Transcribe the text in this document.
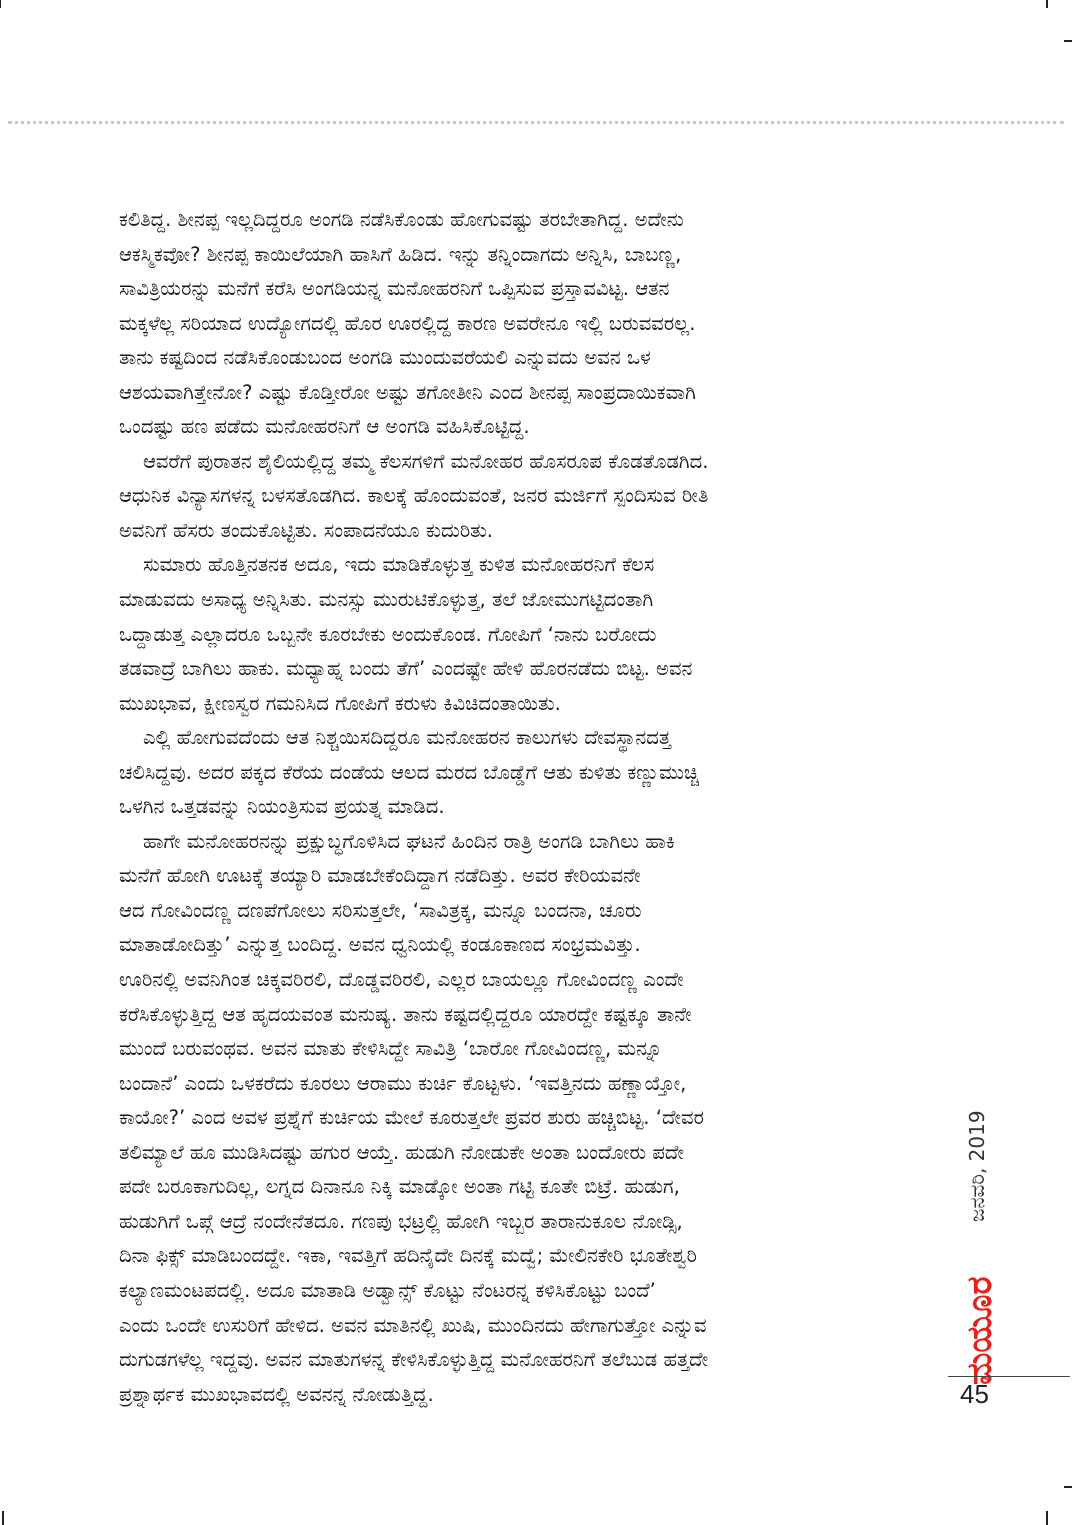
ಕಲಿತಿದ್ದ. ಶೀನಪ್ಪ ಇಲ್ಲದಿದ್ದರೂ ಅಂಗಡಿ ನಡೆಸಿಕೊಂಡು ಹೋಗುವಷ್ಟು ತರಬೇತಾಗಿದ್ದ. ಅದೇನು
ಆಕಸ್ಮಿಕವೋ? ಶೀನಪ್ಪ ಕಾಯಿಲೆಯಾಗಿ ಹಾಸಿಗೆ ಹಿಡಿದ. ಇನ್ನು ತನ್ನಿಂದಾಗದು ಅನ್ನಿಸಿ, ಬಾಬಣ್ಣ,
ಸಾವಿತ್ರಿಯರನ್ನು ಮನೆಗೆ ಕರೆಸಿ ಅಂಗಡಿಯನ್ನ ಮನೋಹರನಿಗೆ ಒಪ್ಪಿಸುವ ಪ್ರಸ್ತಾವವಿಟ್ಟ. ಆತನ
ಮಕ್ಕಳೆಲ್ಲ ಸರಿಯಾದ ಉದ್ಯೋಗದಲ್ಲಿ ಹೊರ ಊರಲ್ಲಿದ್ದ ಕಾರಣ ಅವರೇನೂ ಇಲ್ಲಿ ಬರುವವರಲ್ಲ.
ತಾನು ಕಷ್ಟದಿಂದ ನಡೆಸಿಕೊಂಡುಬಂದ ಅಂಗಡಿ ಮುಂದುವರೆಯಲಿ ಎನ್ನುವದು ಅವನ ಒಳ
ಆಶಯವಾಗಿತ್ತೇನೋ? ಎಷ್ಟು ಕೊಡ್ತೀರೋ ಅಷ್ಟು ತಗೋತೀನಿ ಎಂದ ಶೀನಪ್ಪ ಸಾಂಪ್ರದಾಯಿಕವಾಗಿ
ಒಂದಷ್ಟು ಹಣ ಪಡೆದು ಮನೋಹರನಿಗೆ ಆ ಅಂಗಡಿ ವಹಿಸಿಕೊಟ್ಟಿದ್ದ.
ಆವರೆಗೆ ಪುರಾತನ ಶೈಲಿಯಲ್ಲಿದ್ದ ತಮ್ಮ ಕೆಲಸಗಳಿಗೆ ಮನೋಹರ ಹೊಸರೂಪ ಕೊಡತೊಡಗಿದ.
ಆಧುನಿಕ ವಿನ್ಯಾಸಗಳನ್ನ ಬಳಸತೊಡಗಿದ. ಕಾಲಕ್ಕೆ ಹೊಂದುವಂತೆ, ಜನರ ಮರ್ಜಿಗೆ ಸ್ಪಂದಿಸುವ ರೀತಿ
ಅವನಿಗೆ ಹೆಸರು ತಂದುಕೊಟ್ಟಿತು. ಸಂಪಾದನೆಯೂ ಕುದುರಿತು.
ಸುಮಾರು ಹೊತ್ತಿನತನಕ ಅದೂ, ಇದು ಮಾಡಿಕೊಳ್ಳುತ್ತ ಕುಳಿತ ಮನೋಹರನಿಗೆ ಕೆಲಸ
ಮಾಡುವದು ಅಸಾಧ್ಯ ಅನ್ನಿಸಿತು. ಮನಸ್ಸು ಮುರುಟಿಕೊಳ್ಳುತ್ತ, ತಲೆ ಜೋಮುಗಟ್ಟಿದಂತಾಗಿ
ಒದ್ದಾಡುತ್ತ ಎಲ್ಲಾದರೂ ಒಬ್ಬನೇ ಕೂರಬೇಕು ಅಂದುಕೊಂಡ. ಗೋಪಿಗೆ ‘ನಾನು ಬರೋದು
ತಡವಾದ್ರೆ ಬಾಗಿಲು ಹಾಕು. ಮಧ್ಯಾಹ್ನ ಬಂದು ತೆಗೆ’ ಎಂದಷ್ಟೇ ಹೇಳಿ ಹೊರನಡೆದು ಬಿಟ್ಟ. ಅವನ
ಮುಖಭಾವ, ಕ್ಷೀಣಸ್ವರ ಗಮನಿಸಿದ ಗೋಪಿಗೆ ಕರುಳು ಕಿವಿಚಿದಂತಾಯಿತು.
ಎಲ್ಲಿ ಹೋಗುವದೆಂದು ಆತ ನಿಶ್ಚಯಿಸದಿದ್ದರೂ ಮನೋಹರನ ಕಾಲುಗಳು ದೇವಸ್ಥಾನದತ್ತ
ಚಲಿಸಿದ್ದವು. ಅದರ ಪಕ್ಕದ ಕೆರೆಯ ದಂಡೆಯ ಆಲದ ಮರದ ಬೊಡ್ಡೆಗೆ ಆತು ಕುಳಿತು ಕಣ್ಣುಮುಚ್ಚಿ
ಒಳಗಿನ ಒತ್ತಡವನ್ನು ನಿಯಂತ್ರಿಸುವ ಪ್ರಯತ್ನ ಮಾಡಿದ.
ಹಾಗೇ ಮನೋಹರನನ್ನು ಪ್ರಕ್ಷುಬ್ಧಗೊಳಿಸಿದ ಘಟನೆ ಹಿಂದಿನ ರಾತ್ರಿ ಅಂಗಡಿ ಬಾಗಿಲು ಹಾಕಿ
ಮನೆಗೆ ಹೋಗಿ ಊಟಕ್ಕೆ ತಯ್ಯಾರಿ ಮಾಡಬೇಕೆಂದಿದ್ದಾಗ ನಡೆದಿತ್ತು. ಅವರ ಕೇರಿಯವನೇ
ಆದ ಗೋವಿಂದಣ್ಣ ದಣಪೆಗೋಲು ಸರಿಸುತ್ತಲೇ, ‘ಸಾವಿತ್ರಕ್ಕ, ಮನ್ನೂ ಬಂದನಾ, ಚೂರು
ಮಾತಾಡೋದಿತ್ತು’ ಎನ್ನುತ್ತ ಬಂದಿದ್ದ. ಅವನ ಧ್ವನಿಯಲ್ಲಿ ಕಂಡೂಕಾಣದ ಸಂಭ್ರಮವಿತ್ತು.
ಊರಿನಲ್ಲಿ ಅವನಿಗಿಂತ ಚಿಕ್ಕವರಿರಲಿ, ದೊಡ್ಡವರಿರಲಿ, ಎಲ್ಲರ ಬಾಯಲ್ಲೂ ಗೋವಿಂದಣ್ಣ ಎಂದೇ
ಕರೆಸಿಕೊಳ್ಳುತ್ತಿದ್ದ ಆತ ಹೃದಯವಂತ ಮನುಷ್ಯ. ತಾನು ಕಷ್ಟದಲ್ಲಿದ್ದರೂ ಯಾರದ್ದೇ ಕಷ್ಟಕ್ಕೂ ತಾನೇ
ಮುಂದೆ ಬರುವಂಥವ. ಅವನ ಮಾತು ಕೇಳಿಸಿದ್ದೇ ಸಾವಿತ್ರಿ ‘ಬಾರೋ ಗೋವಿಂದಣ್ಣ, ಮನ್ನೂ
ಬಂದಾನೆ’ ಎಂದು ಒಳಕರೆದು ಕೂರಲು ಆರಾಮು ಕುರ್ಚಿ ಕೊಟ್ಟಳು. ‘ಇವತ್ತಿನದು ಹಣ್ಣಾಯ್ತೋ,
ಕಾಯೋ?’ ಎಂದ ಅವಳ ಪ್ರಶ್ನೆಗೆ ಕುರ್ಚಿಯ ಮೇಲೆ ಕೂರುತ್ತಲೇ ಪ್ರವರ ಶುರು ಹಚ್ಚಿಬಿಟ್ಟ. ‘ದೇವರ
ತಲಿಮ್ಯಾಲೆ ಹೂ ಮುಡಿಸಿದಷ್ಟು ಹಗುರ ಆಯ್ತೆ. ಹುಡುಗಿ ನೋಡುಕೇ ಅಂತಾ ಬಂದೋರು ಪದೇ
ಪದೇ ಬರೂಕಾಗುದಿಲ್ಲ, ಲಗ್ನದ ದಿನಾನೂ ನಿಕ್ಕಿ ಮಾಡ್ಕೋ ಅಂತಾ ಗಟ್ಟಿ ಕೂತೇ ಬಿಟ್ರೆ. ಹುಡುಗ,
ಹುಡುಗಿಗೆ ಒಪ್ಗೆ ಆದ್ರೆ ನಂದೇನೆತದೂ. ಗಣಪು ಭಟ್ರಲ್ಲಿ ಹೋಗಿ ಇಬ್ಬರ ತಾರಾನುಕೂಲ ನೋಡ್ಸಿ,
ದಿನಾ ಫಿಕ್ಸ್ ಮಾಡಿಬಂದದ್ದೇ. ಇಕಾ, ಇವತ್ತಿಗೆ ಹದಿನೈದೇ ದಿನಕ್ಕೆ ಮದ್ವೆ; ಮೇಲಿನಕೇರಿ ಭೂತೇಶ್ವರಿ
ಕಲ್ಯಾಣಮಂಟಪದಲ್ಲಿ. ಅದೂ ಮಾತಾಡಿ ಅಡ್ವಾನ್ಸ್ ಕೊಟ್ಟು ನೆಂಟರನ್ನ ಕಳಿಸಿಕೊಟ್ಟು ಬಂದೆ’
ಎಂದು ಒಂದೇ ಉಸುರಿಗೆ ಹೇಳಿದ. ಅವನ ಮಾತಿನಲ್ಲಿ ಖುಷಿ, ಮುಂದಿನದು ಹೇಗಾಗುತ್ತೋ ಎನ್ನುವ
ದುಗುಡಗಳೆಲ್ಲ ಇದ್ದವು. ಅವನ ಮಾತುಗಳನ್ನ ಕೇಳಿಸಿಕೊಳ್ಳುತ್ತಿದ್ದ ಮನೋಹರನಿಗೆ ತಲೆಬುಡ ಹತ್ತದೇ
ಪ್ರಶ್ನಾರ್ಥಕ ಮುಖಭಾವದಲ್ಲಿ ಅವನನ್ನ ನೋಡುತ್ತಿದ್ದ.
ಜನವರಿ, 2019
ಮಯೂರ
45
